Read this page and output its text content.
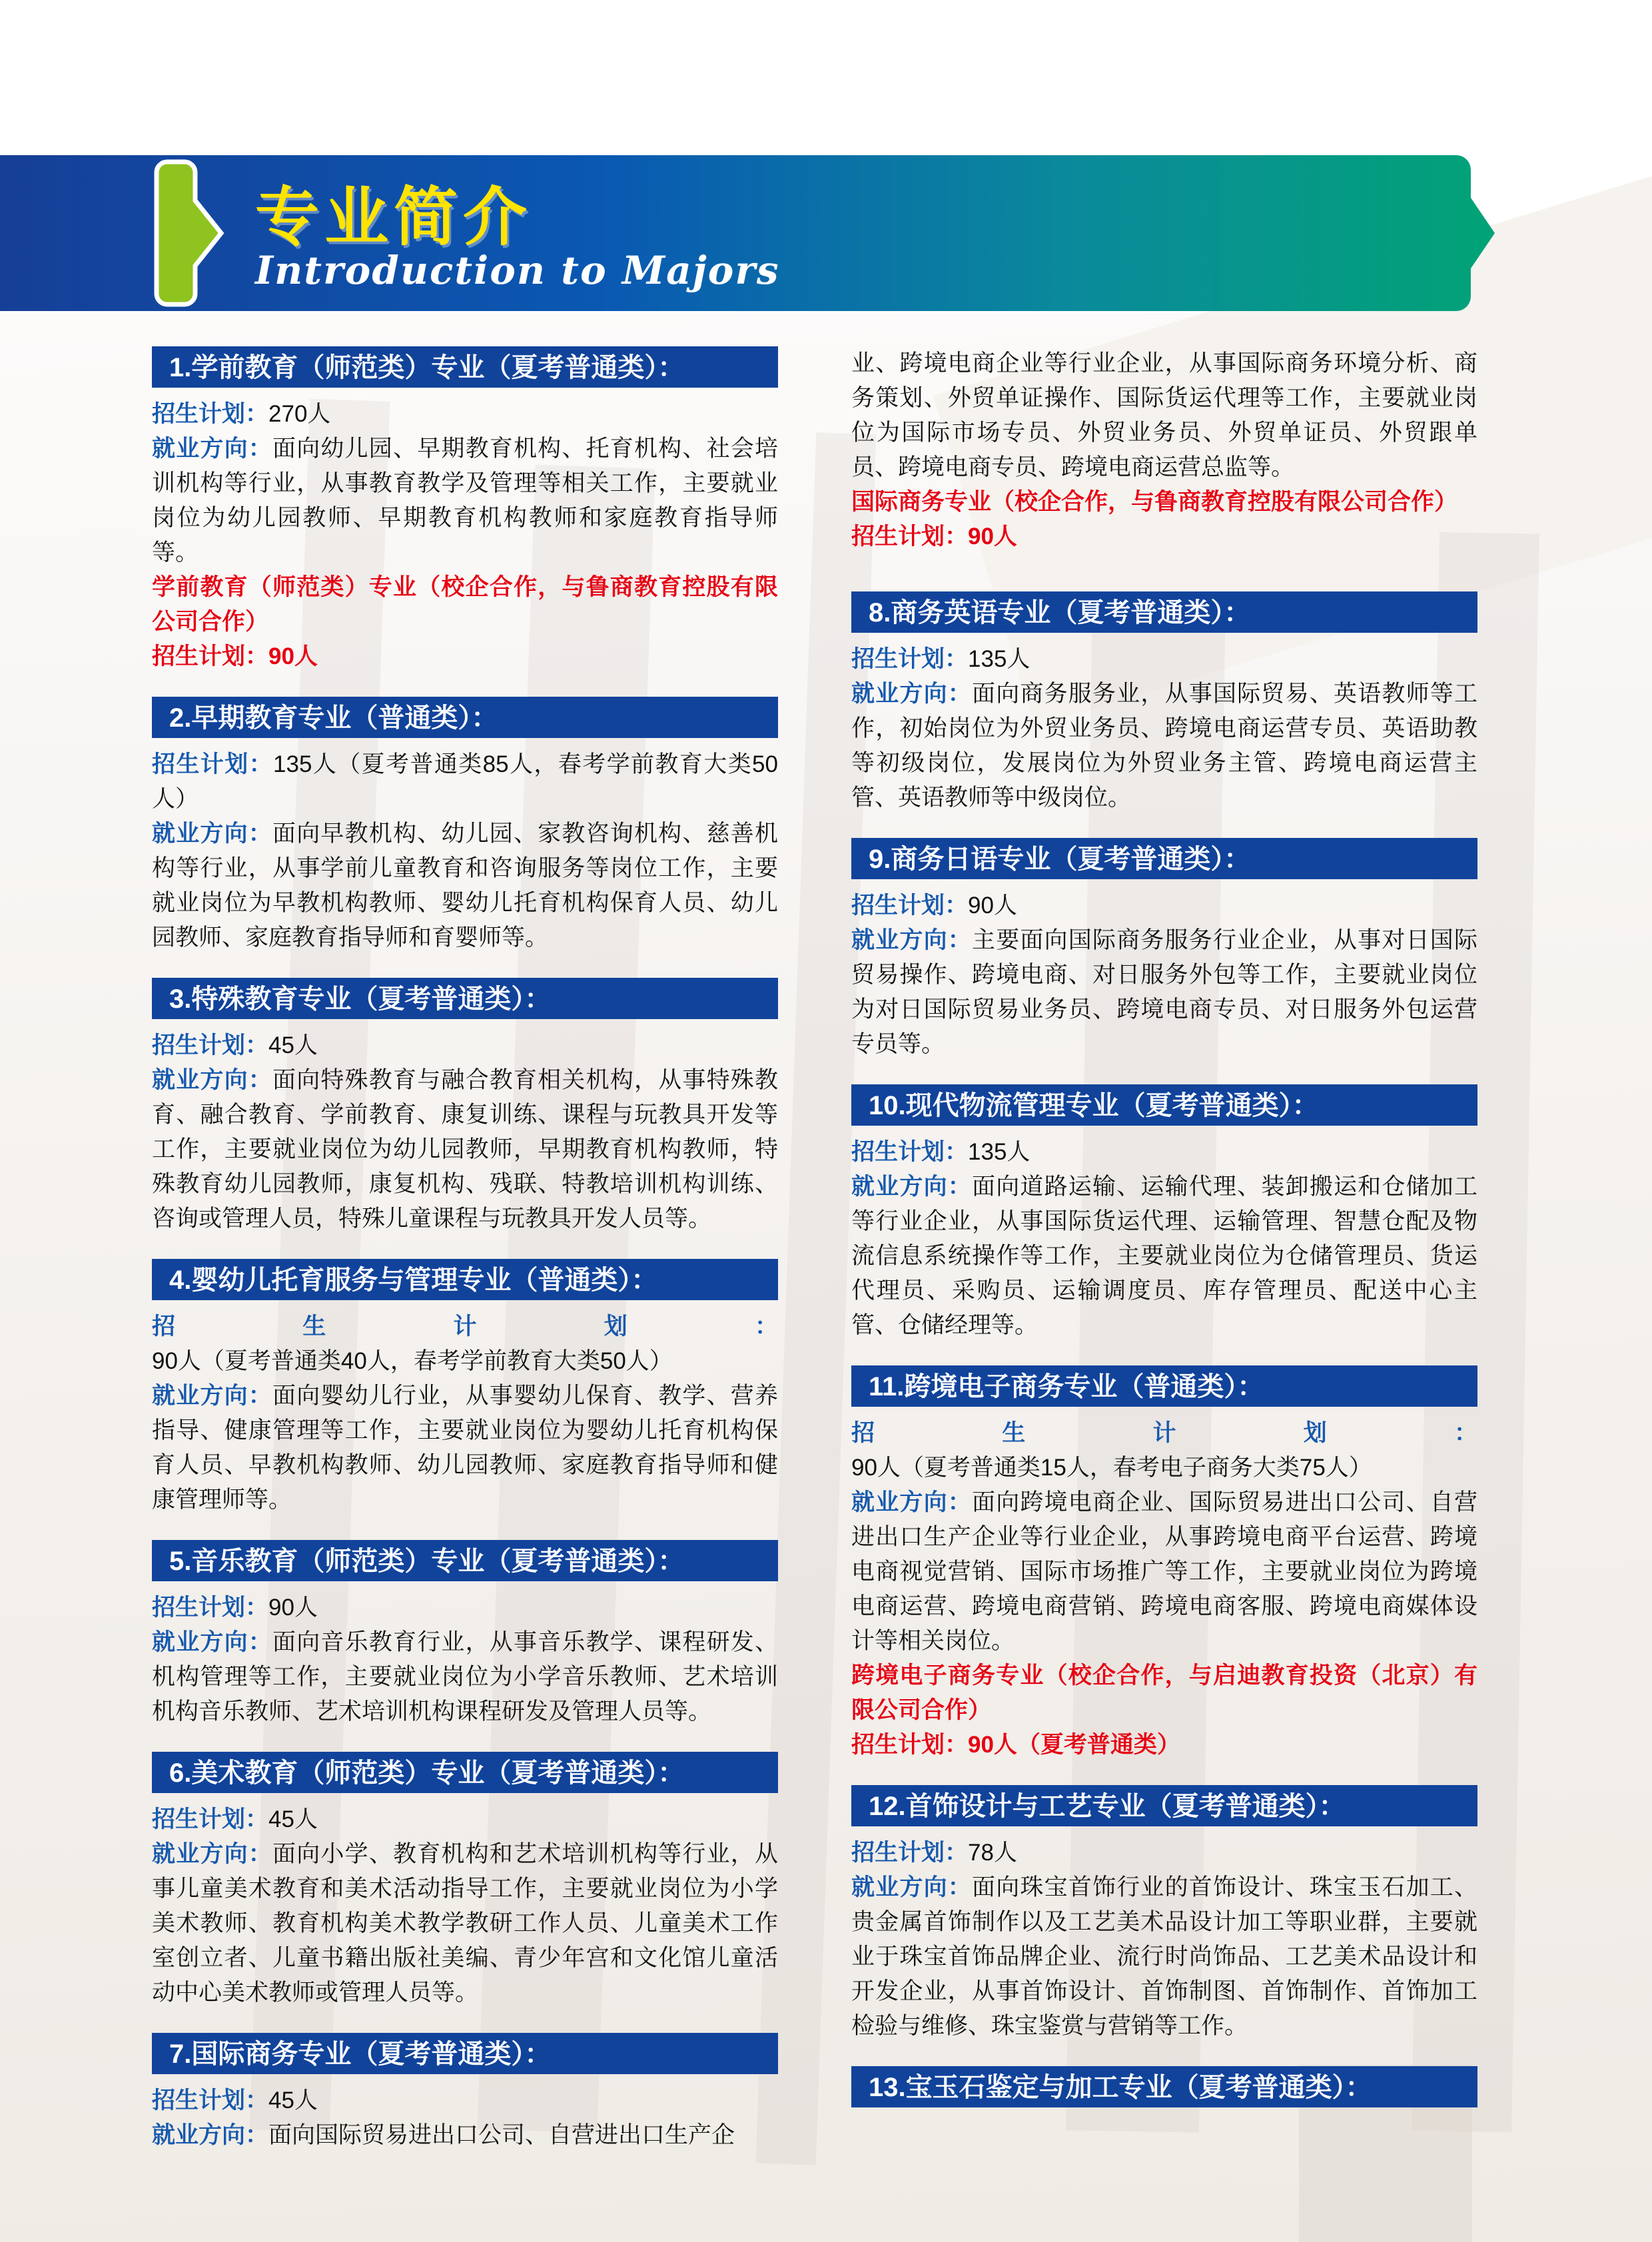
专业简介
Introduction to Majors
1.学前教育（师范类）专业（夏考普通类）：

招生计划：270人

就业方向：面向幼儿园、早期教育机构、托育机构、社会培训机构等行业，从事教育教学及管理等相关工作，主要就业岗位为幼儿园教师、早期教育机构教师和家庭教育指导师等。

学前教育（师范类）专业（校企合作，与鲁商教育控股有限公司合作）

招生计划：90人

2.早期教育专业（普通类）：

招生计划：135人（夏考普通类85人，春考学前教育大类50人）

就业方向：面向早教机构、幼儿园、家教咨询机构、慈善机构等行业，从事学前儿童教育和咨询服务等岗位工作，主要就业岗位为早教机构教师、婴幼儿托育机构保育人员、幼儿园教师、家庭教育指导师和育婴师等。

3.特殊教育专业（夏考普通类）：

招生计划：45人

就业方向：面向特殊教育与融合教育相关机构，从事特殊教育、融合教育、学前教育、康复训练、课程与玩教具开发等工作，主要就业岗位为幼儿园教师，早期教育机构教师，特殊教育幼儿园教师，康复机构、残联、特教培训机构训练、咨询或管理人员，特殊儿童课程与玩教具开发人员等。

4.婴幼儿托育服务与管理专业（普通类）：

招生计划：90人（夏考普通类40人，春考学前教育大类50人）

就业方向：面向婴幼儿行业，从事婴幼儿保育、教学、营养指导、健康管理等工作，主要就业岗位为婴幼儿托育机构保育人员、早教机构教师、幼儿园教师、家庭教育指导师和健康管理师等。

5.音乐教育（师范类）专业（夏考普通类）：

招生计划：90人

就业方向：面向音乐教育行业，从事音乐教学、课程研发、机构管理等工作，主要就业岗位为小学音乐教师、艺术培训机构音乐教师、艺术培训机构课程研发及管理人员等。

6.美术教育（师范类）专业（夏考普通类）：

招生计划：45人

就业方向：面向小学、教育机构和艺术培训机构等行业，从事儿童美术教育和美术活动指导工作，主要就业岗位为小学美术教师、教育机构美术教学教研工作人员、儿童美术工作室创立者、儿童书籍出版社美编、青少年宫和文化馆儿童活动中心美术教师或管理人员等。

7.国际商务专业（夏考普通类）：

招生计划：45人

就业方向：面向国际贸易进出口公司、自营进出口生产企

业、跨境电商企业等行业企业，从事国际商务环境分析、商务策划、外贸单证操作、国际货运代理等工作，主要就业岗位为国际市场专员、外贸业务员、外贸单证员、外贸跟单员、跨境电商专员、跨境电商运营总监等。

国际商务专业（校企合作，与鲁商教育控股有限公司合作）

招生计划：90人

8.商务英语专业（夏考普通类）：

招生计划：135人

就业方向：面向商务服务业，从事国际贸易、英语教师等工作，初始岗位为外贸业务员、跨境电商运营专员、英语助教等初级岗位，发展岗位为外贸业务主管、跨境电商运营主管、英语教师等中级岗位。

9.商务日语专业（夏考普通类）：

招生计划：90人

就业方向：主要面向国际商务服务行业企业，从事对日国际贸易操作、跨境电商、对日服务外包等工作，主要就业岗位为对日国际贸易业务员、跨境电商专员、对日服务外包运营专员等。

10.现代物流管理专业（夏考普通类）：

招生计划：135人

就业方向：面向道路运输、运输代理、装卸搬运和仓储加工等行业企业，从事国际货运代理、运输管理、智慧仓配及物流信息系统操作等工作，主要就业岗位为仓储管理员、货运代理员、采购员、运输调度员、库存管理员、配送中心主管、仓储经理等。

11.跨境电子商务专业（普通类）：

招生计划：90人（夏考普通类15人，春考电子商务大类75人）

就业方向：面向跨境电商企业、国际贸易进出口公司、自营进出口生产企业等行业企业，从事跨境电商平台运营、跨境电商视觉营销、国际市场推广等工作，主要就业岗位为跨境电商运营、跨境电商营销、跨境电商客服、跨境电商媒体设计等相关岗位。

跨境电子商务专业（校企合作，与启迪教育投资（北京）有限公司合作）

招生计划：90人（夏考普通类）

12.首饰设计与工艺专业（夏考普通类）：

招生计划：78人

就业方向：面向珠宝首饰行业的首饰设计、珠宝玉石加工、贵金属首饰制作以及工艺美术品设计加工等职业群，主要就业于珠宝首饰品牌企业、流行时尚饰品、工艺美术品设计和开发企业，从事首饰设计、首饰制图、首饰制作、首饰加工检验与维修、珠宝鉴赏与营销等工作。

13.宝玉石鉴定与加工专业（夏考普通类）：
